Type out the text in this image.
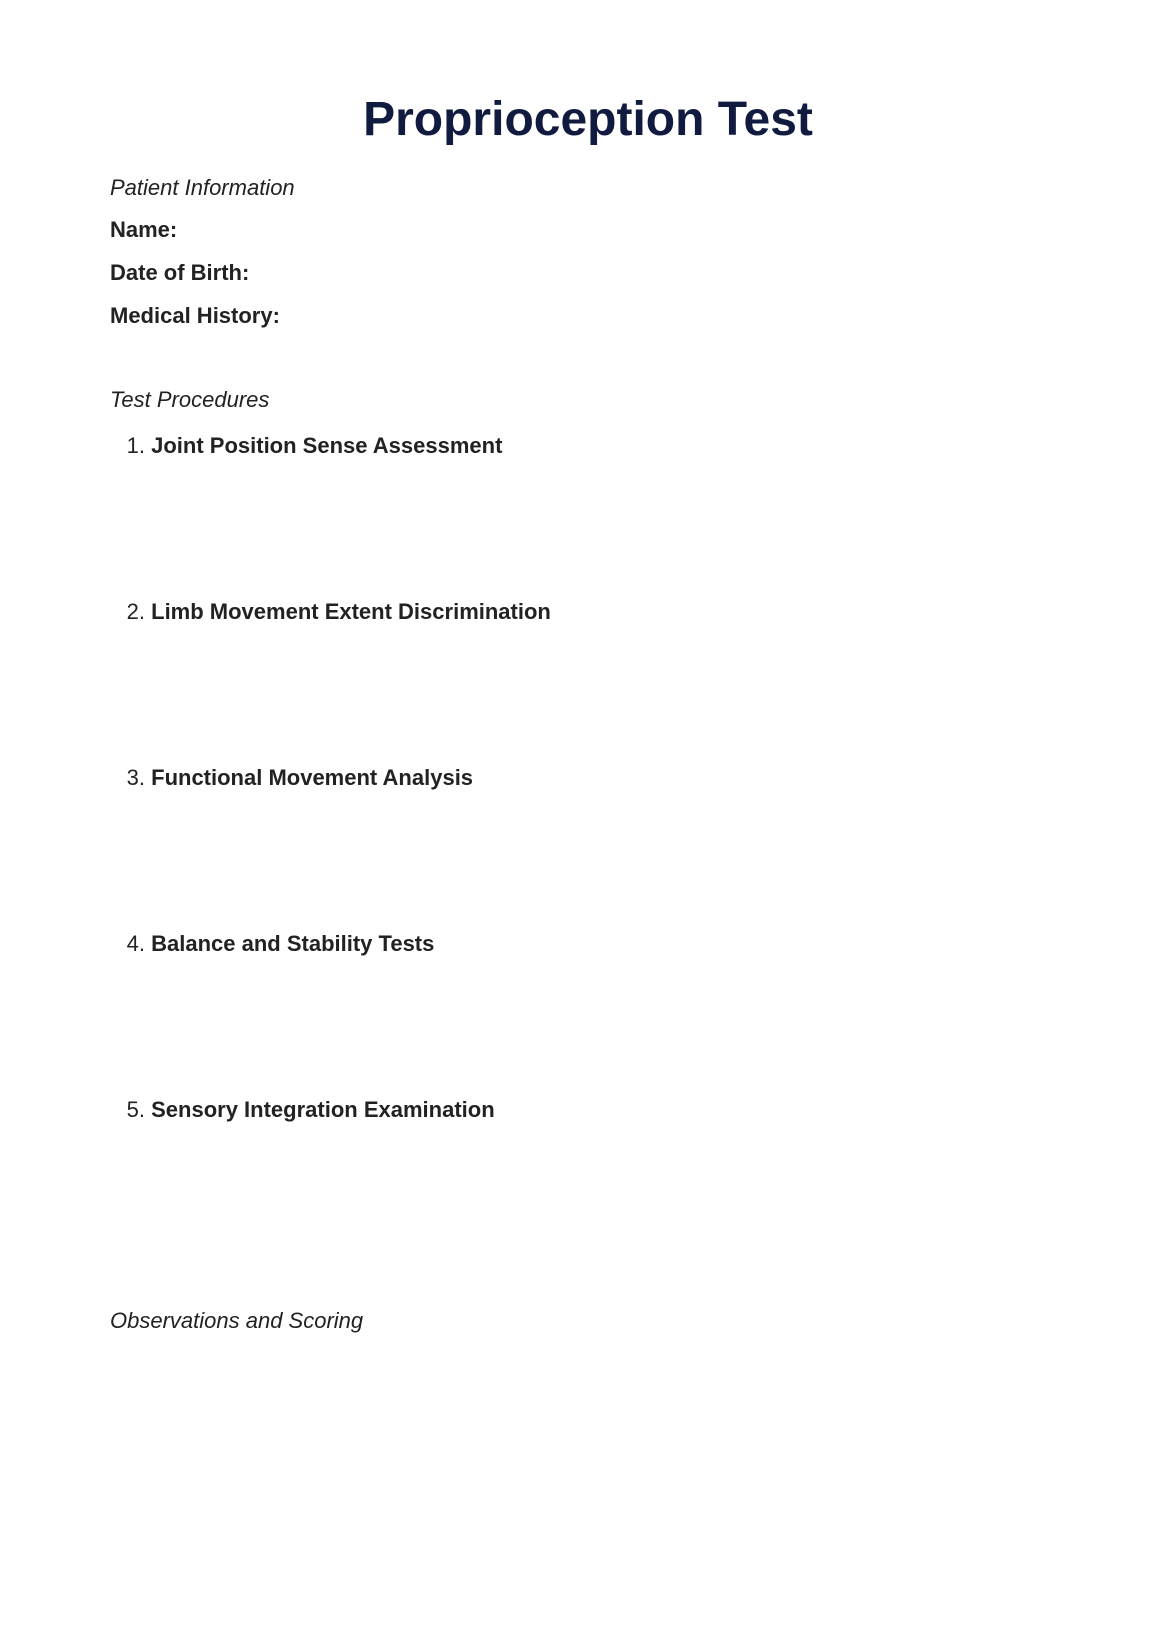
Proprioception Test
Patient Information
Name:
Date of Birth:
Medical History:
Test Procedures
1. Joint Position Sense Assessment
2. Limb Movement Extent Discrimination
3. Functional Movement Analysis
4. Balance and Stability Tests
5. Sensory Integration Examination
Observations and Scoring
